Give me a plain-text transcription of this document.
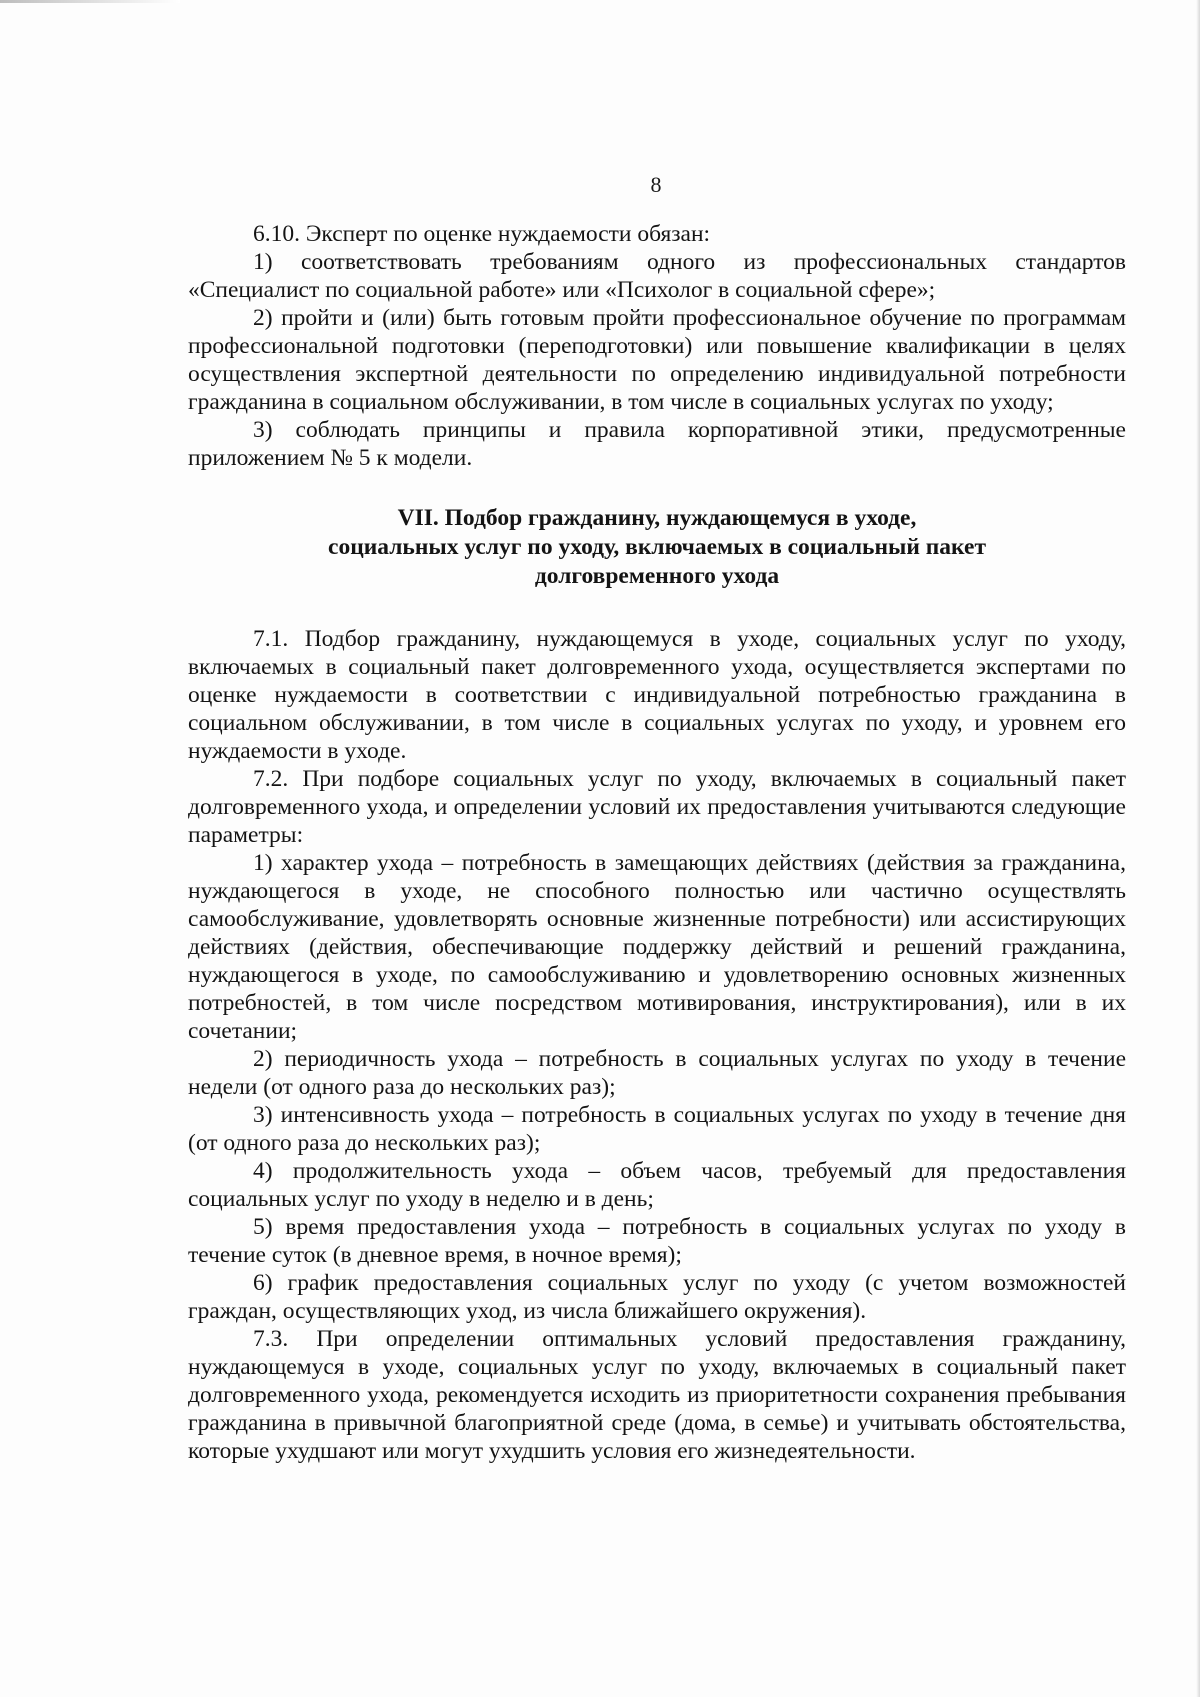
8

6.10. Эксперт по оценке нуждаемости обязан:

1) соответствовать требованиям одного из профессиональных стандартов «Специалист по социальной работе» или «Психолог в социальной сфере»;

2) пройти и (или) быть готовым пройти профессиональное обучение по программам профессиональной подготовки (переподготовки) или повышение квалификации в целях осуществления экспертной деятельности по определению индивидуальной потребности гражданина в социальном обслуживании, в том числе в социальных услугах по уходу;

3) соблюдать принципы и правила корпоративной этики, предусмотренные приложением № 5 к модели.

VII. Подбор гражданину, нуждающемуся в уходе,
социальных услуг по уходу, включаемых в социальный пакет
долговременного ухода

7.1. Подбор гражданину, нуждающемуся в уходе, социальных услуг по уходу, включаемых в социальный пакет долговременного ухода, осуществляется экспертами по оценке нуждаемости в соответствии с индивидуальной потребностью гражданина в социальном обслуживании, в том числе в социальных услугах по уходу, и уровнем его нуждаемости в уходе.

7.2. При подборе социальных услуг по уходу, включаемых в социальный пакет долговременного ухода, и определении условий их предоставления учитываются следующие параметры:

1) характер ухода – потребность в замещающих действиях (действия за гражданина, нуждающегося в уходе, не способного полностью или частично осуществлять самообслуживание, удовлетворять основные жизненные потребности) или ассистирующих действиях (действия, обеспечивающие поддержку действий и решений гражданина, нуждающегося в уходе, по самообслуживанию и удовлетворению основных жизненных потребностей, в том числе посредством мотивирования, инструктирования), или в их сочетании;

2) периодичность ухода – потребность в социальных услугах по уходу в течение недели (от одного раза до нескольких раз);

3) интенсивность ухода – потребность в социальных услугах по уходу в течение дня (от одного раза до нескольких раз);

4) продолжительность ухода – объем часов, требуемый для предоставления социальных услуг по уходу в неделю и в день;

5) время предоставления ухода – потребность в социальных услугах по уходу в течение суток (в дневное время, в ночное время);

6) график предоставления социальных услуг по уходу (с учетом возможностей граждан, осуществляющих уход, из числа ближайшего окружения).

7.3. При определении оптимальных условий предоставления гражданину, нуждающемуся в уходе, социальных услуг по уходу, включаемых в социальный пакет долговременного ухода, рекомендуется исходить из приоритетности сохранения пребывания гражданина в привычной благоприятной среде (дома, в семье) и учитывать обстоятельства, которые ухудшают или могут ухудшить условия его жизнедеятельности.
